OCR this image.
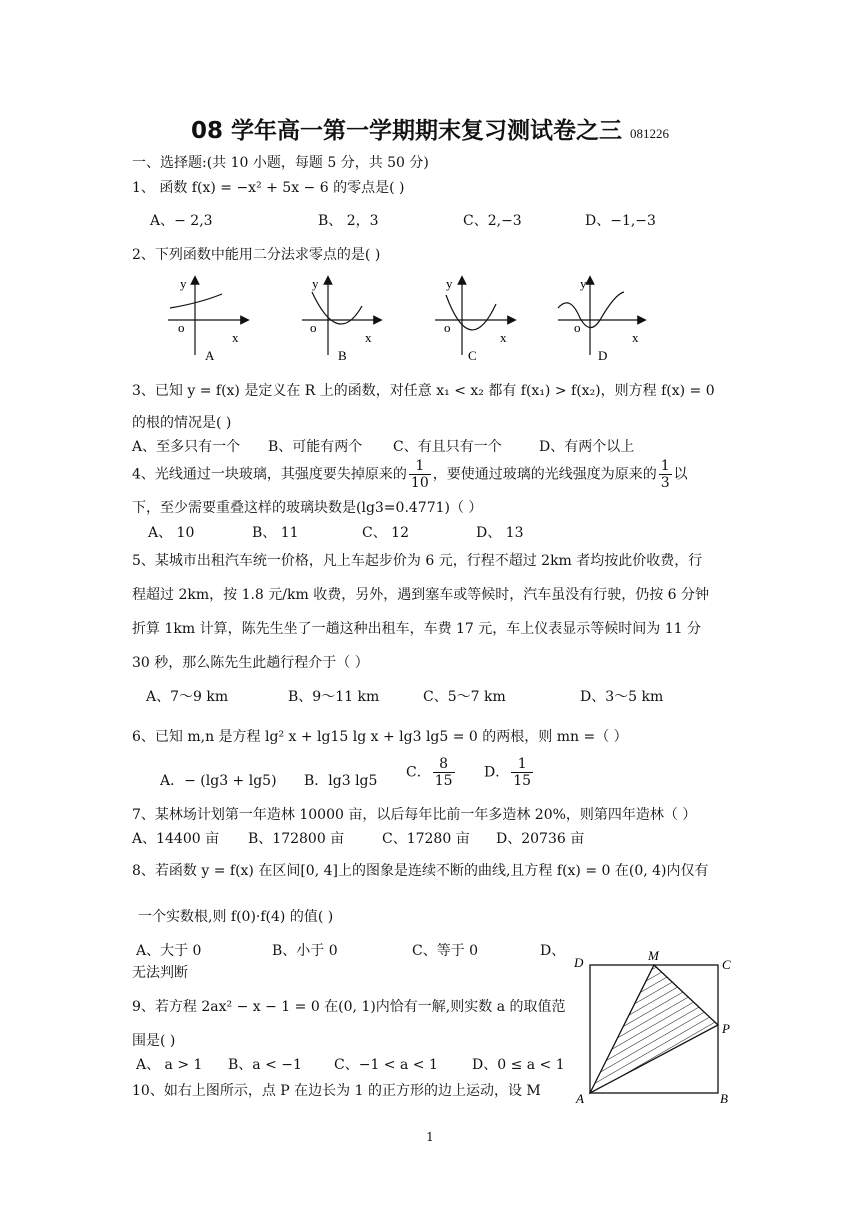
08 学年高一第一学期期末复习测试卷之三 081226
一、选择题:(共 10 小题，每题 5 分，共 50 分)
1、 函数 f(x) = −x² + 5x − 6 的零点是( )
A、− 2,3	B、 2，3	C、2,−3	D、−1,−3
2、下列函数中能用二分法求零点的是( )
y
o
x
A
y
o
x
B
y
o
x
C
y
o
x
D
3、已知 y = f(x) 是定义在 R 上的函数，对任意 x₁ < x₂ 都有 f(x₁) > f(x₂)，则方程 f(x) = 0
的根的情况是( )
A、至多只有一个 B、可能有两个 C、有且只有一个	D、有两个以上
4、光线通过一块玻璃，其强度要失掉原来的 $\frac{1}{10}$ ，要使通过玻璃的光线强度为原来的 $\frac{1}{3}$ 以
下，至少需要重叠这样的玻璃块数是(lg3=0.4771)（ ）
A、 10	B、 11	C、 12	D、 13
5、某城市出租汽车统一价格，凡上车起步价为 6 元，行程不超过 2km 者均按此价收费，行
程超过 2km，按 1.8 元/km 收费，另外，遇到塞车或等候时，汽车虽没有行驶，仍按 6 分钟
折算 1km 计算，陈先生坐了一趟这种出租车，车费 17 元，车上仪表显示等候时间为 11 分
30 秒，那么陈先生此趟行程介于（ ）
A、7～9 km	B、9～11 km	C、5～7 km	D、3～5 km
6、已知 m,n 是方程 lg² x + lg15 lg x + lg3 lg5 = 0 的两根，则 mn =（ ）
A．− (lg3 + lg5) B．lg3 lg5
C． $\frac{8}{15}$ D． $\frac{1}{15}$
7、某林场计划第一年造林 10000 亩，以后每年比前一年多造林 20%，则第四年造林（ ）
A、14400 亩 B、172800 亩	C、17280 亩 D、20736 亩
8、若函数 y = f(x) 在区间[0, 4]上的图象是连续不断的曲线,且方程 f(x) = 0 在(0, 4)内仅有
一个实数根,则 f(0)·f(4) 的值( )
A、大于 0	B、小于 0	C、等于 0	D、
无法判断
9、若方程 2ax² − x − 1 = 0 在(0, 1)内恰有一解,则实数 a 的取值范
围是( )
A、 a > 1 B、a < −1 C、−1 < a < 1 D、0 ≤ a < 1
10、如右上图所示，点 P 在边长为 1 的正方形的边上运动，设 M
D	M
C
P
A	B
1
